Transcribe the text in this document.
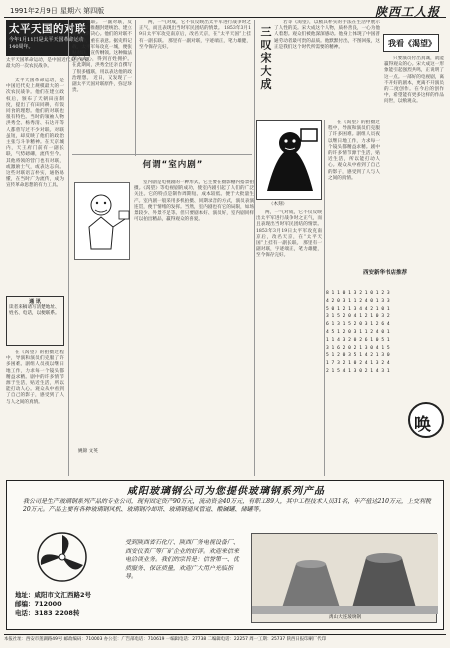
1991年2月9日 星期六 第四版	陕西工人报
太平天国的对联
今年1月11日是太平天国革命运动140周年。
太平天国革命运动，是中国近代史上规模最大的一次农民战争。

太平天国革命运动，是中国近代史上规模最大的一次农民战争。他们在建立政权后，颁布了天朝田亩制度，提出了有田同耕，有饭同食的理想。他们的对联也很有特色。当时的领袖人物洪秀全、杨秀清、石达开等人都曾写过不少对联。对联虽短，却反映了他们的政治主张与斗争精神。在天京城内，天王府门前有一副长联，气势磅礴，流传至今。其他将领的营门也有对联，或激励士气，或表达志向。这些对联语言朴实，通俗易懂，在当时广为流传，成为宣传革命思想的有力工具。

通 讯
读者来稿请写清楚地址、姓名、电话，以便联系。

在《渴望》的拍摄过程中，导演和演员们克服了许多困难。剧组人员夜以继日地工作，力求每一个镜头都精益求精。剧中的许多情节源于生活，贴近生活，所以能打动人心。观众从中看到了自己的影子，感受到了人与人之间的真情。

加强联。 一副对联，反映了他们推翻封建统治、建立新政权的决心。他们的对联不拘格律，重在表意。据史料记载，太平军每攻克一城，便张贴对联，宣传纲领。这种做法深入人心，得到百姓拥护。 在此期间，洪秀全还亲自撰写了很多楹联，用以表达他的政治理想。 近日，又发现了一副太平天国对联原件，弥足珍贵。

两，一气对成，它不仅反映出太平军进行战争时之正气，而且表现出当时军民团结的情景。 1853年3月19日太平军攻克南京后，改名天京，在“太平天国”上挂有一副长联。 那里有一副对联，字迹端正，笔力雄健，至今保存完好。

何谓“室内剧”

室内剧是电视剧的一种形式，它主要在摄影棚内搭景拍摄。《渴望》等电视剧的成功，使室内剧引起了人们的广泛关注。它的特点是制作周期短、成本较低、便于大批量生产。室内剧一般采用多机拍摄、同期录音的方式，演员表演连贯，便于情绪的发挥。当然，室内剧也有它的局限，如场景较少、外景不足等。但只要剧本好、演员好，室内剧同样可以拍出精品，赢得观众的喜爱。

姚锦 文英
三叹宋大成

若等《渴望》，以极其朴实的手法在生活中展示了人性的美。宋大成这个人物，质朴善良，一心为他人着想。观众们被他深深感动。他身上体现了中国普通劳动者最可贵的品质。他默默付出，不图回报，这正是我们这个时代所需要的精神。	我看《渴望》

只要演员付出真诚，就能赢得观众的心。宋大成这一形象能引起强烈共鸣，正说明了这一点。一部好的电视剧，离不开好的剧本，更离不开演员的二度创作。在今后的创作中，希望能有更多这样的作品问世，以飨观众。

（木刻）

两，一气对成，它不仅反映出太平军进行战争时之正气，而且表现出当时军民团结的情景。 1853年3月19日太平军攻克南京后，改名天京，在“太平天国”上挂有一副长联。 那里有一副对联，字迹端正，笔力雄健，至今保存完好。

在《渴望》的拍摄过程中，导演和演员们克服了许多困难。剧组人员夜以继日地工作，力求每一个镜头都精益求精。剧中的许多情节源于生活，贴近生活，所以能打动人心。观众从中看到了自己的影子，感受到了人与人之间的真情。

西安新华书店推荐
8 1 1 0 1 3 2 1 0 1 2 3
4 2 0 3 1 1 2 4 0 1 3 3
5 0 1 2 1 3 4 4 2 1 0 1
3 1 5 2 0 4 1 2 1 0 3 2
6 1 3 1 5 2 0 3 1 2 6 4
4 5 1 2 0 3 1 1 2 4 0 1
1 1 4 3 2 0 2 6 1 0 5 1
3 1 6 2 0 2 1 3 0 4 1 5
5 1 2 0 3 5 1 4 2 1 3 0
1 7 3 2 1 0 2 4 1 3 2 4
2 1 5 4 1 3 0 2 1 4 3 1
唤
咸阳玻璃钢公司为您提供玻璃钢系列产品
我公司是生产玻璃钢系列产品的专业公司，现有固定资产90万元，流动资金40万元，有职工89人，其中工程技术人员31名，年产值达210万元，上交利税20万元。产品主要有各种玻璃钢风机、玻璃钢冷却塔、玻璃钢通风管道、酸碱罐、储罐等。
受到陕西省石化厅、陕西厂务电视设备厂、西安仪表厂等厂矿企业的好评。欢迎来信来电洽谈业务。我们的宗旨是：信誉第一、优质服务、保证质量，欢迎广大用户光临指导。
禹山大连玻璃钢
地址：咸阳市文汇西路2号
邮编：712000
电话：3183 2208转
本报社址：西安市莲湖路49号 邮政编码：710003 办公室：广告部电话：710619 一编辑电话：27738 二编辑电话：22257 周一工期：25737 陕西日报印刷厂代印
